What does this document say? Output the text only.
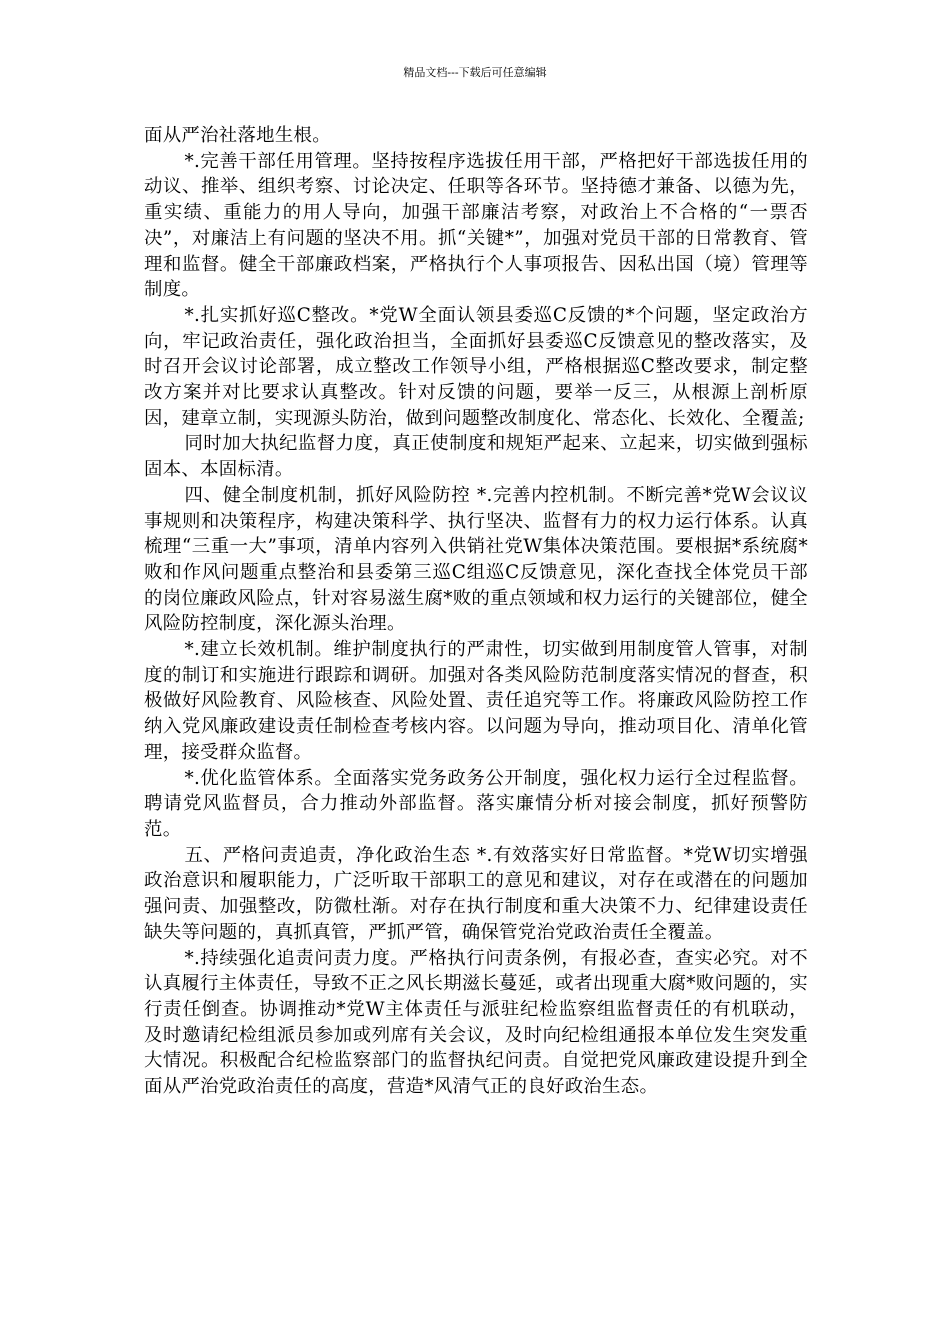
精品文档---下载后可任意编辑

面从严治社落地生根。

*.完善干部任用管理。坚持按程序选拔任用干部，严格把好干部选拔任用的动议、推举、组织考察、讨论决定、任职等各环节。坚持德才兼备、以德为先，重实绩、重能力的用人导向，加强干部廉洁考察，对政治上不合格的“一票否决”，对廉洁上有问题的坚决不用。抓“关键*”，加强对党员干部的日常教育、管理和监督。健全干部廉政档案，严格执行个人事项报告、因私出国（境）管理等制度。

*.扎实抓好巡C整改。*党W全面认领县委巡C反馈的*个问题，坚定政治方向，牢记政治责任，强化政治担当，全面抓好县委巡C反馈意见的整改落实，及时召开会议讨论部署，成立整改工作领导小组，严格根据巡C整改要求，制定整改方案并对比要求认真整改。针对反馈的问题，要举一反三，从根源上剖析原因，建章立制，实现源头防治，做到问题整改制度化、常态化、长效化、全覆盖;

同时加大执纪监督力度，真正使制度和规矩严起来、立起来，切实做到强标固本、本固标清。

四、健全制度机制，抓好风险防控 *.完善内控机制。不断完善*党W会议议事规则和决策程序，构建决策科学、执行坚决、监督有力的权力运行体系。认真梳理“三重一大”事项，清单内容列入供销社党W集体决策范围。要根据*系统腐*败和作风问题重点整治和县委第三巡C组巡C反馈意见，深化查找全体党员干部的岗位廉政风险点，针对容易滋生腐*败的重点领域和权力运行的关键部位，健全风险防控制度，深化源头治理。

*.建立长效机制。维护制度执行的严肃性，切实做到用制度管人管事，对制度的制订和实施进行跟踪和调研。加强对各类风险防范制度落实情况的督查，积极做好风险教育、风险核查、风险处置、责任追究等工作。将廉政风险防控工作纳入党风廉政建设责任制检查考核内容。以问题为导向，推动项目化、清单化管理，接受群众监督。

*.优化监管体系。全面落实党务政务公开制度，强化权力运行全过程监督。聘请党风监督员，合力推动外部监督。落实廉情分析对接会制度，抓好预警防范。

五、严格问责追责，净化政治生态 *.有效落实好日常监督。*党W切实增强政治意识和履职能力，广泛听取干部职工的意见和建议，对存在或潜在的问题加强问责、加强整改，防微杜渐。对存在执行制度和重大决策不力、纪律建设责任缺失等问题的，真抓真管，严抓严管，确保管党治党政治责任全覆盖。

*.持续强化追责问责力度。严格执行问责条例，有报必查，查实必究。对不认真履行主体责任，导致不正之风长期滋长蔓延，或者出现重大腐*败问题的，实行责任倒查。协调推动*党W主体责任与派驻纪检监察组监督责任的有机联动，及时邀请纪检组派员参加或列席有关会议，及时向纪检组通报本单位发生突发重大情况。积极配合纪检监察部门的监督执纪问责。自觉把党风廉政建设提升到全面从严治党政治责任的高度，营造*风清气正的良好政治生态。
